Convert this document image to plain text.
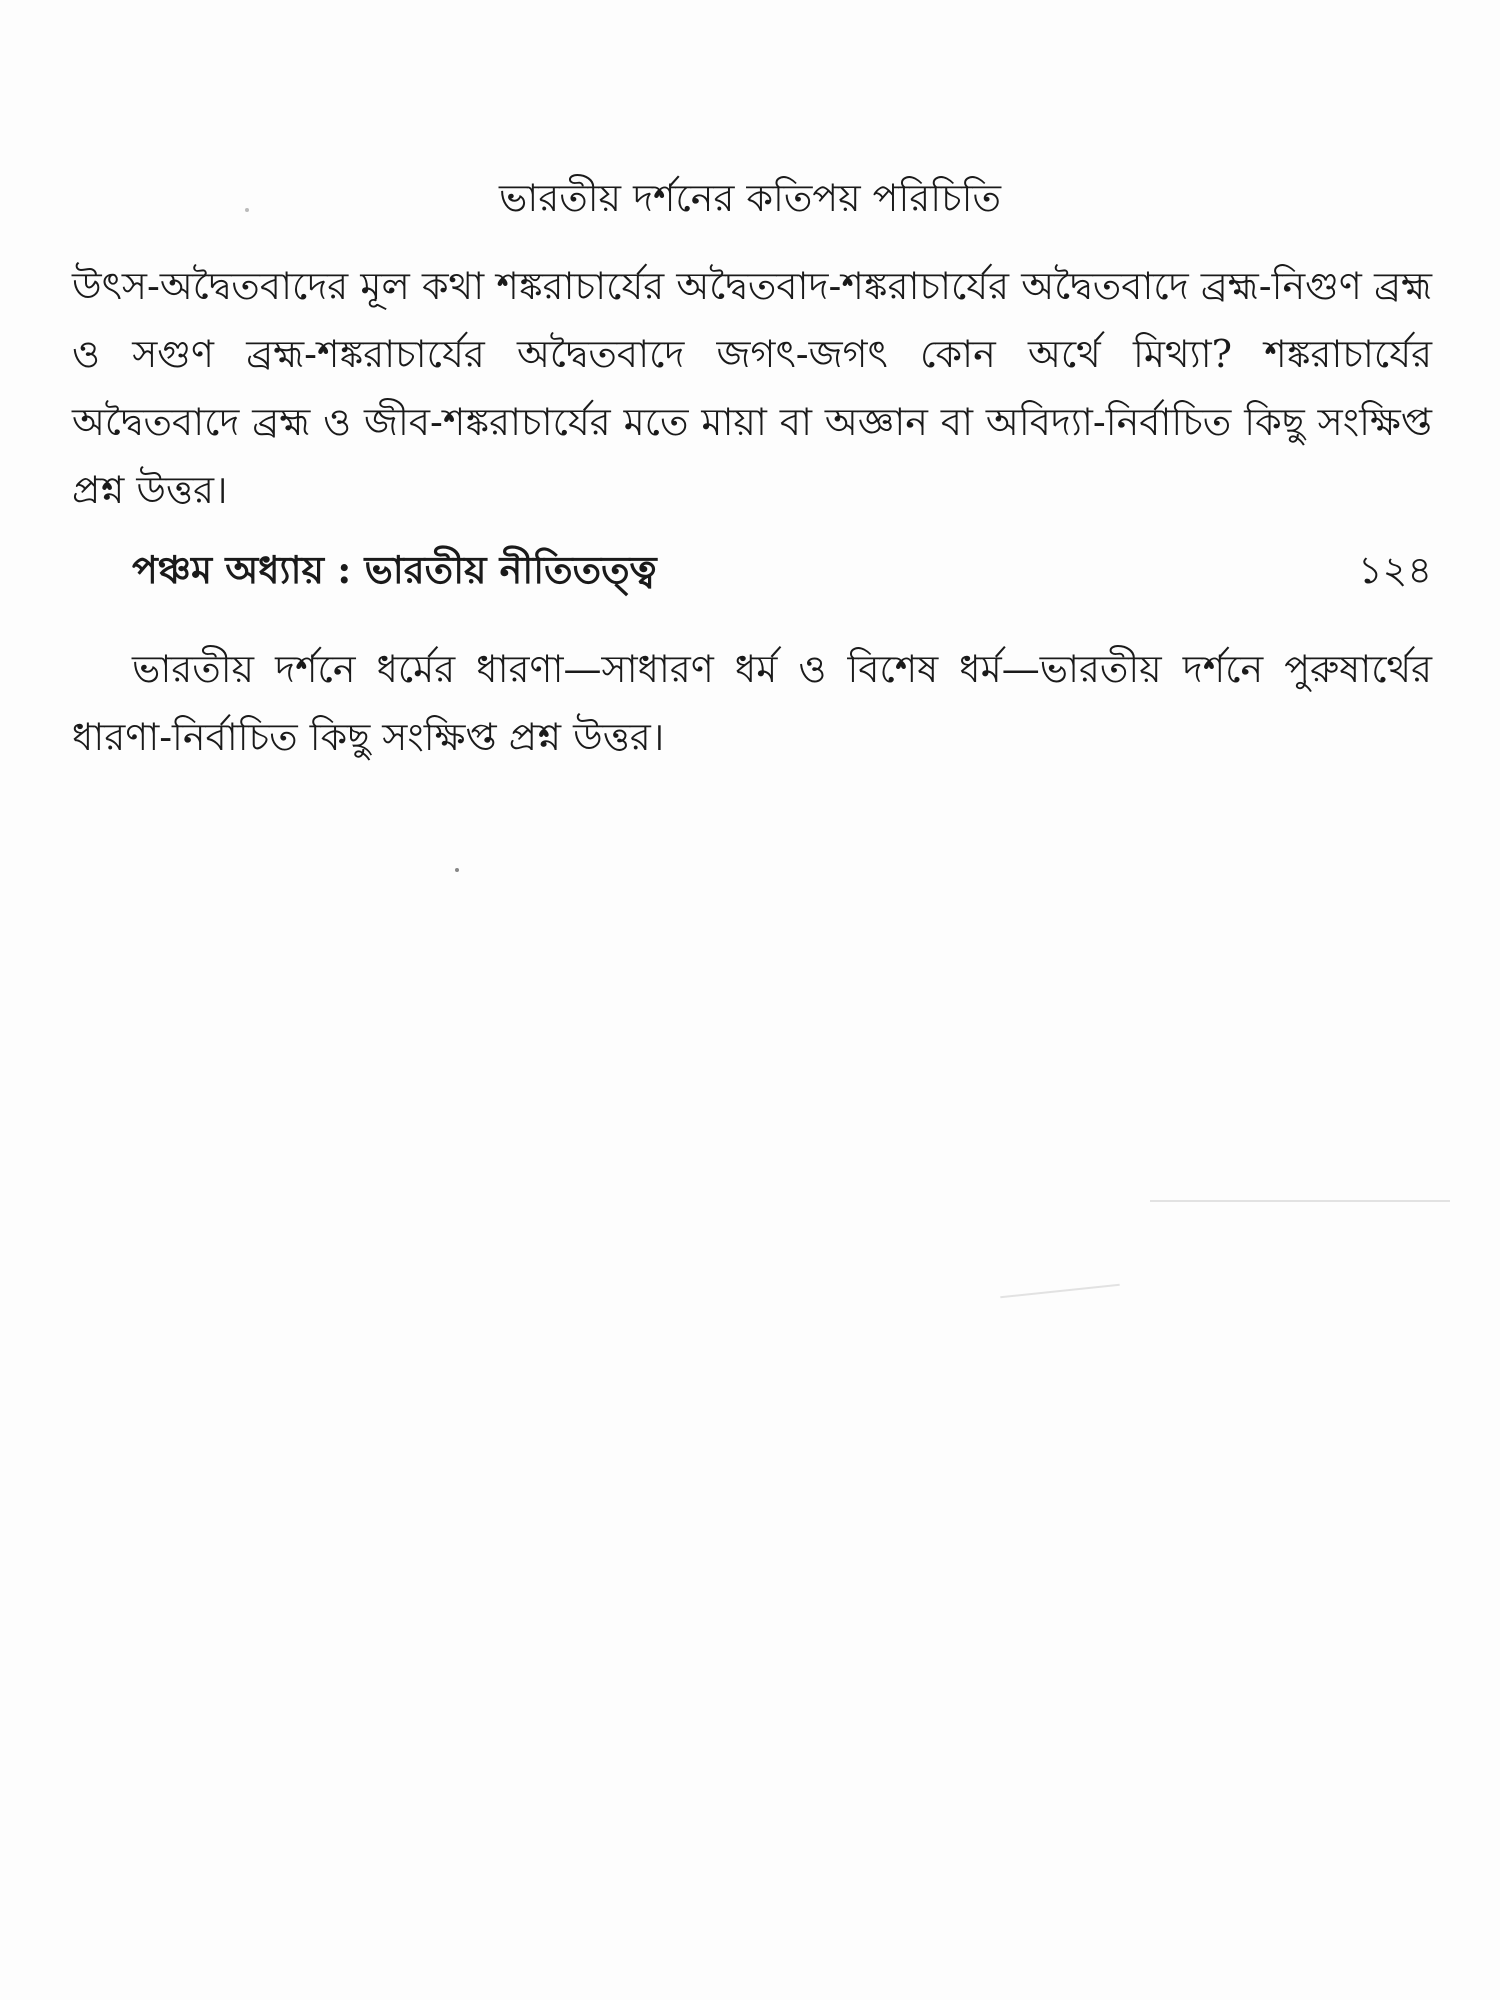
ভারতীয় দর্শনের কতিপয় পরিচিতি
উৎস-অদ্বৈতবাদের মূল কথা শঙ্করাচার্যের অদ্বৈতবাদ-শঙ্করাচার্যের অদ্বৈতবাদে ব্রহ্ম-নিগুণ ব্রহ্ম ও সগুণ ব্রহ্ম-শঙ্করাচার্যের অদ্বৈতবাদে জগৎ-জগৎ কোন অর্থে মিথ্যা? শঙ্করাচার্যের অদ্বৈতবাদে ব্রহ্ম ও জীব-শঙ্করাচার্যের মতে মায়া বা অজ্ঞান বা অবিদ্যা-নির্বাচিত কিছু সংক্ষিপ্ত প্রশ্ন উত্তর।
পঞ্চম অধ্যায় : ভারতীয় নীতিতত্ত্ব	১২৪
ভারতীয় দর্শনে ধর্মের ধারণা—সাধারণ ধর্ম ও বিশেষ ধর্ম—ভারতীয় দর্শনে পুরুষার্থের ধারণা-নির্বাচিত কিছু সংক্ষিপ্ত প্রশ্ন উত্তর।
